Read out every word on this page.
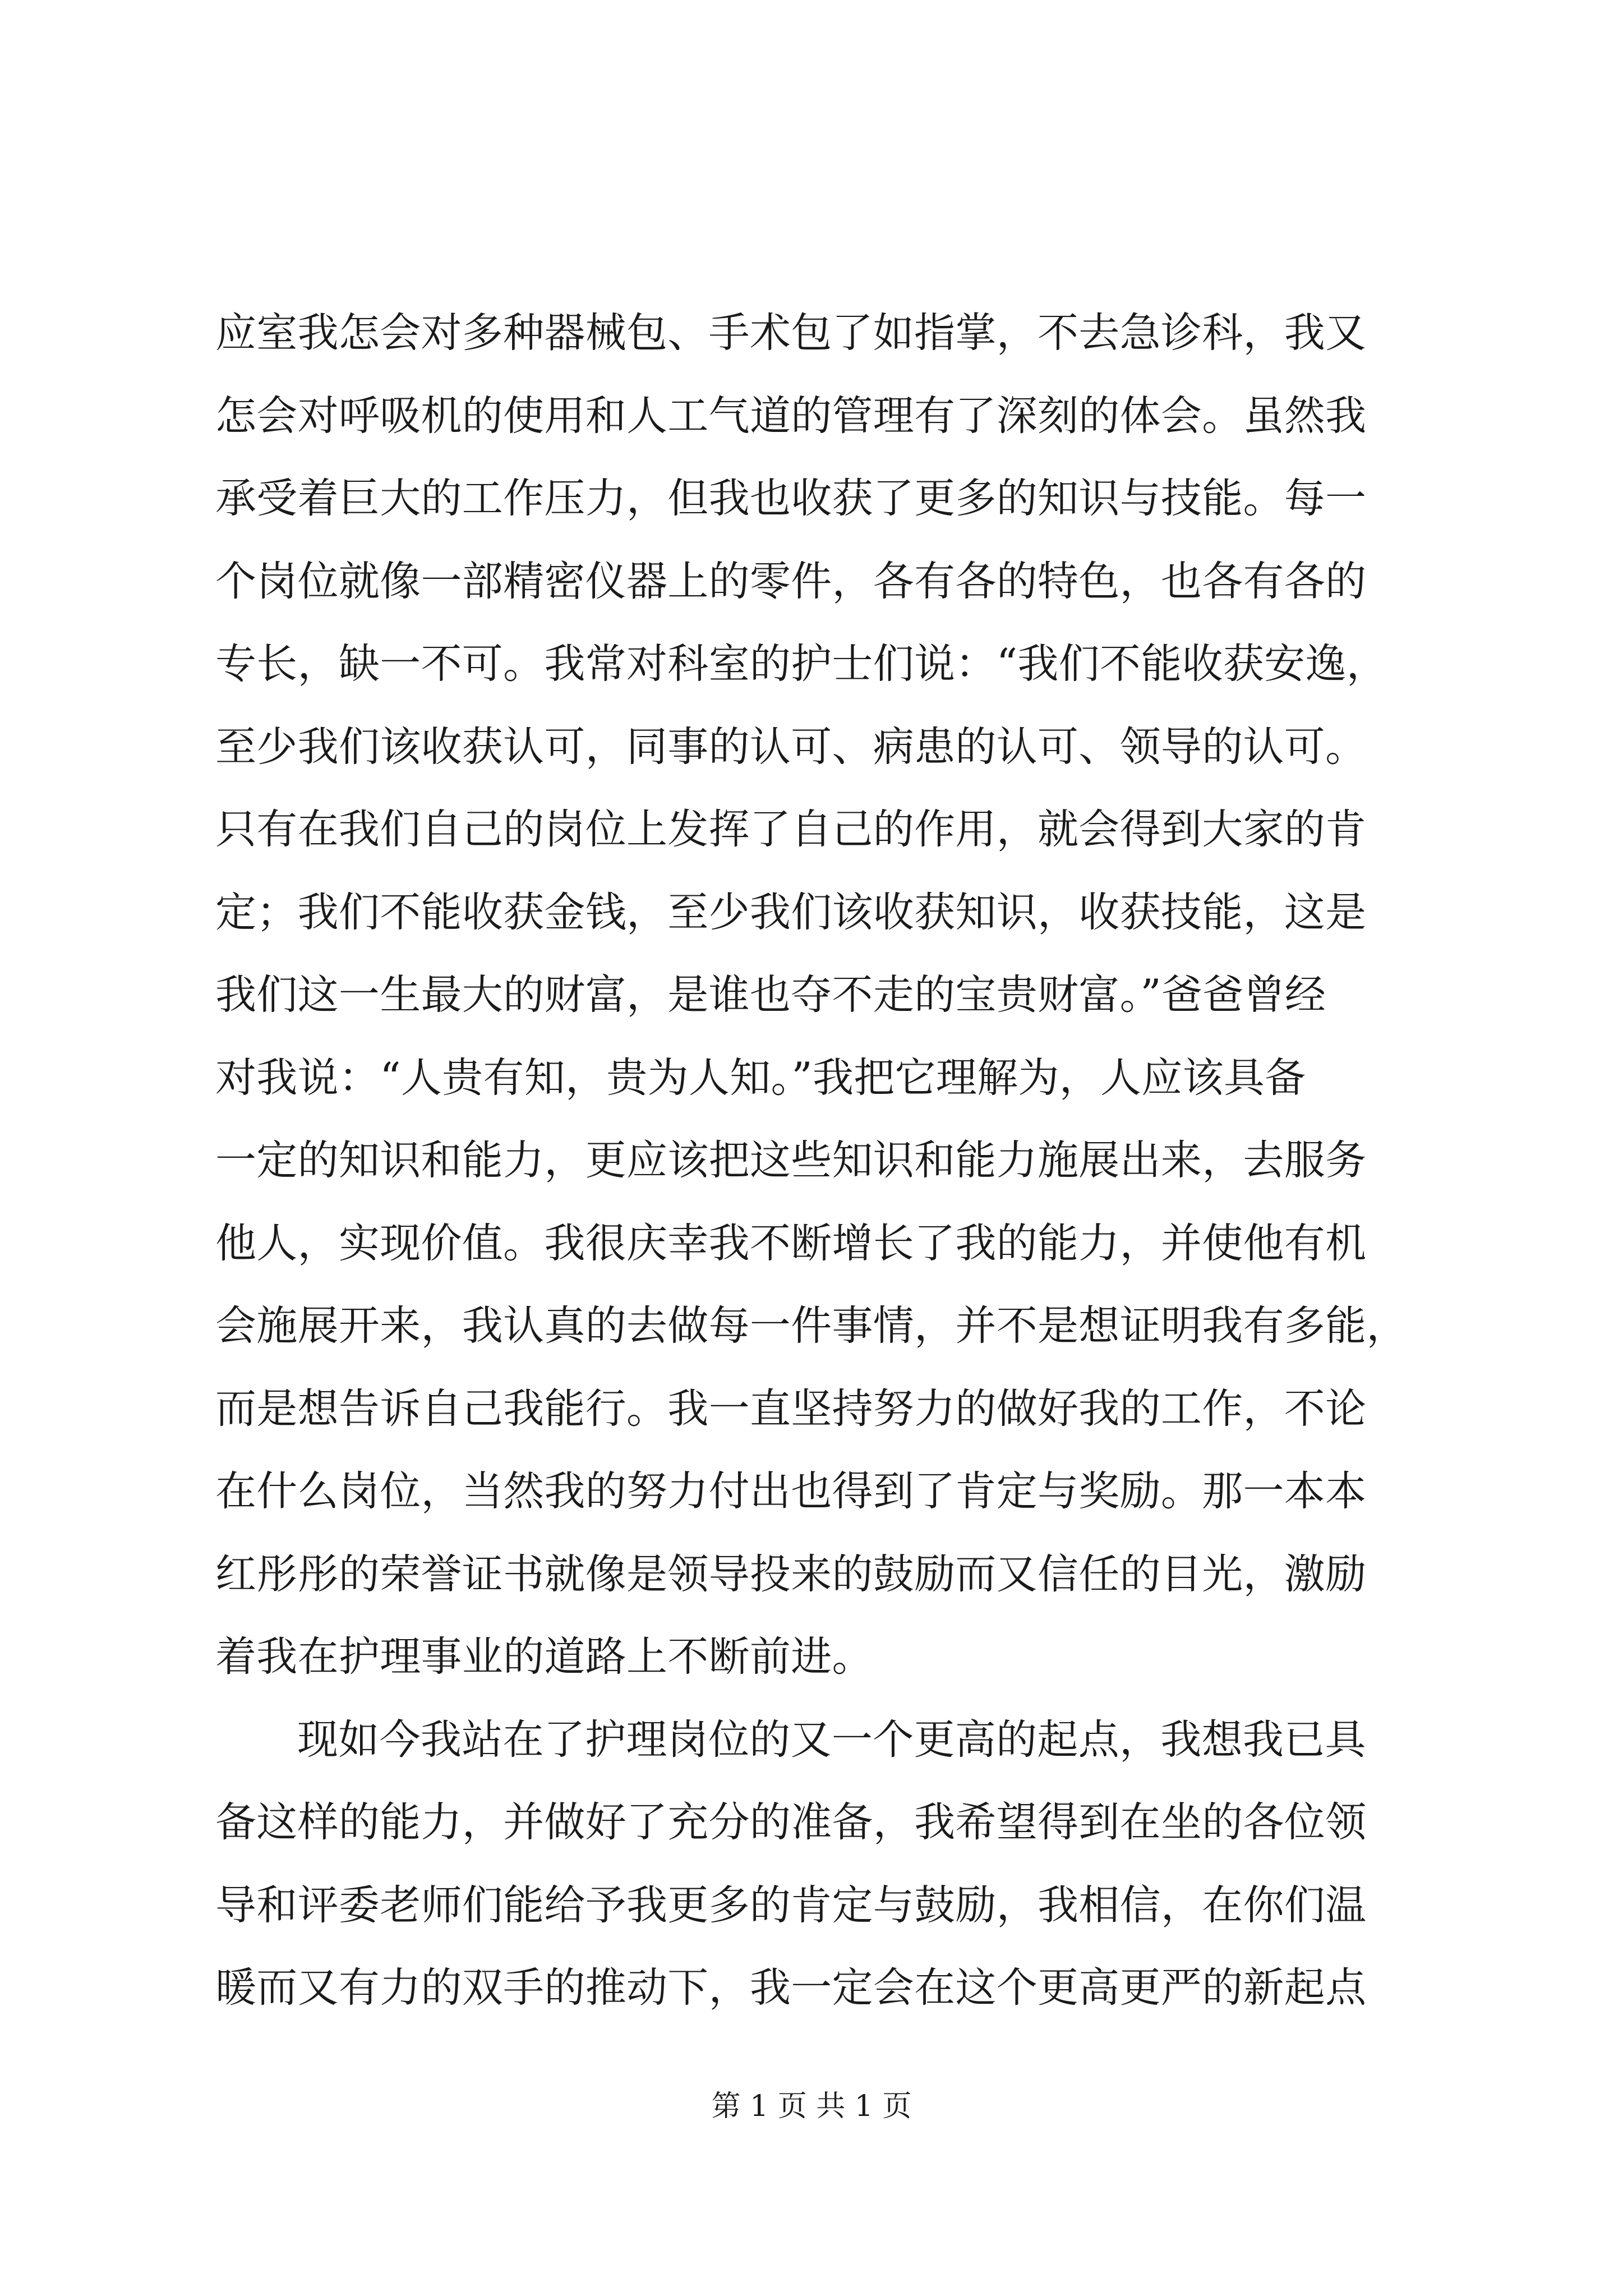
应室我怎会对多种器械包、手术包了如指掌，不去急诊科，我又
怎会对呼吸机的使用和人工气道的管理有了深刻的体会。虽然我
承受着巨大的工作压力，但我也收获了更多的知识与技能。每一
个岗位就像一部精密仪器上的零件，各有各的特色，也各有各的
专长，缺一不可。我常对科室的护士们说：“我们不能收获安逸，
至少我们该收获认可，同事的认可、病患的认可、领导的认可。
只有在我们自己的岗位上发挥了自己的作用，就会得到大家的肯
定；我们不能收获金钱，至少我们该收获知识，收获技能，这是
我们这一生最大的财富，是谁也夺不走的宝贵财富。”爸爸曾经
对我说：“人贵有知，贵为人知。”我把它理解为，人应该具备
一定的知识和能力，更应该把这些知识和能力施展出来，去服务
他人，实现价值。我很庆幸我不断增长了我的能力，并使他有机
会施展开来，我认真的去做每一件事情，并不是想证明我有多能，
而是想告诉自己我能行。我一直坚持努力的做好我的工作，不论
在什么岗位，当然我的努力付出也得到了肯定与奖励。那一本本
红彤彤的荣誉证书就像是领导投来的鼓励而又信任的目光，激励
着我在护理事业的道路上不断前进。
现如今我站在了护理岗位的又一个更高的起点，我想我已具
备这样的能力，并做好了充分的准备，我希望得到在坐的各位领
导和评委老师们能给予我更多的肯定与鼓励，我相信，在你们温
暖而又有力的双手的推动下，我一定会在这个更高更严的新起点
第 1 页 共 1 页
